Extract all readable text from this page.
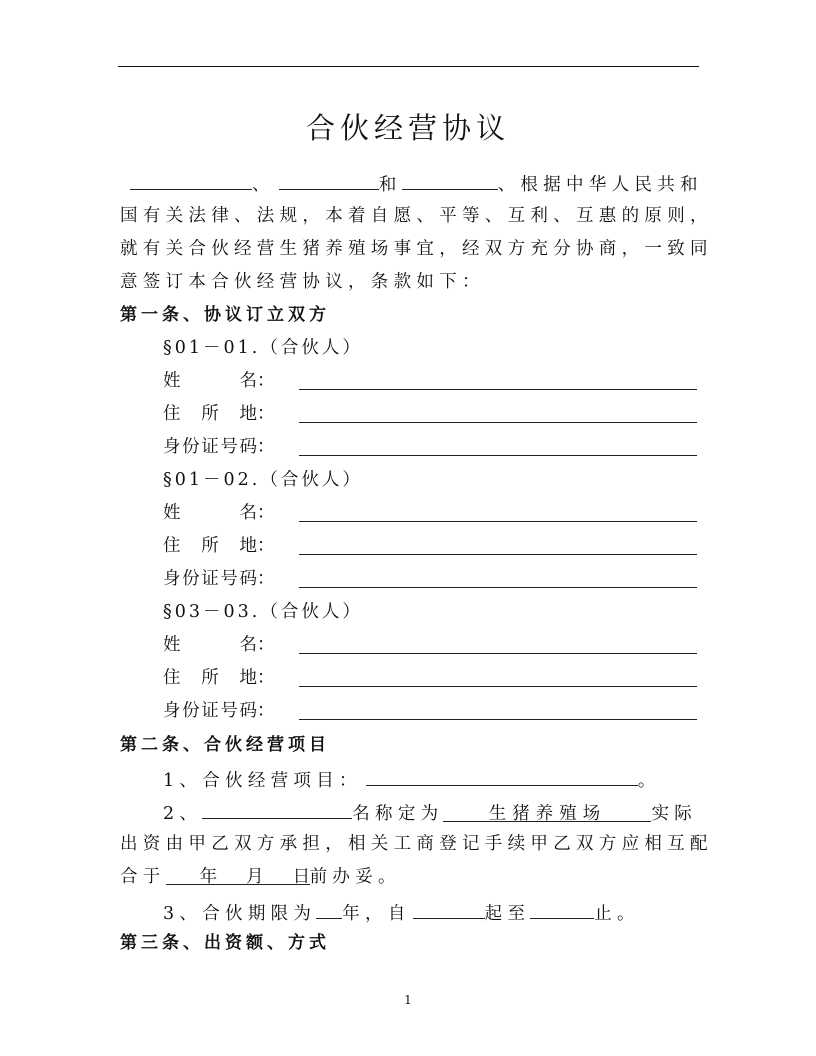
合伙经营协议
、	和	、根据中华人民共和
国有关法律、法规，本着自愿、平等、互利、互惠的原则，
就有关合伙经营生猪养殖场事宜，经双方充分协商，一致同
意签订本合伙经营协议，条款如下：
第一条、协议订立双方
§01－01.（合伙人）
姓名：
住所地：
身份证号码：
§01－02.（合伙人）
姓名：
住所地：
身份证号码：
§03－03.（合伙人）
姓名：
住所地：
身份证号码：
第二条、合伙经营项目
1、合伙经营项目：	。
2、	名称定为	生猪养殖场	实际
出资由甲乙双方承担，相关工商登记手续甲乙双方应相互配
合于 年 月 日前办妥。
3、合伙期限为 年，自	起至	止。
第三条、出资额、方式
1
